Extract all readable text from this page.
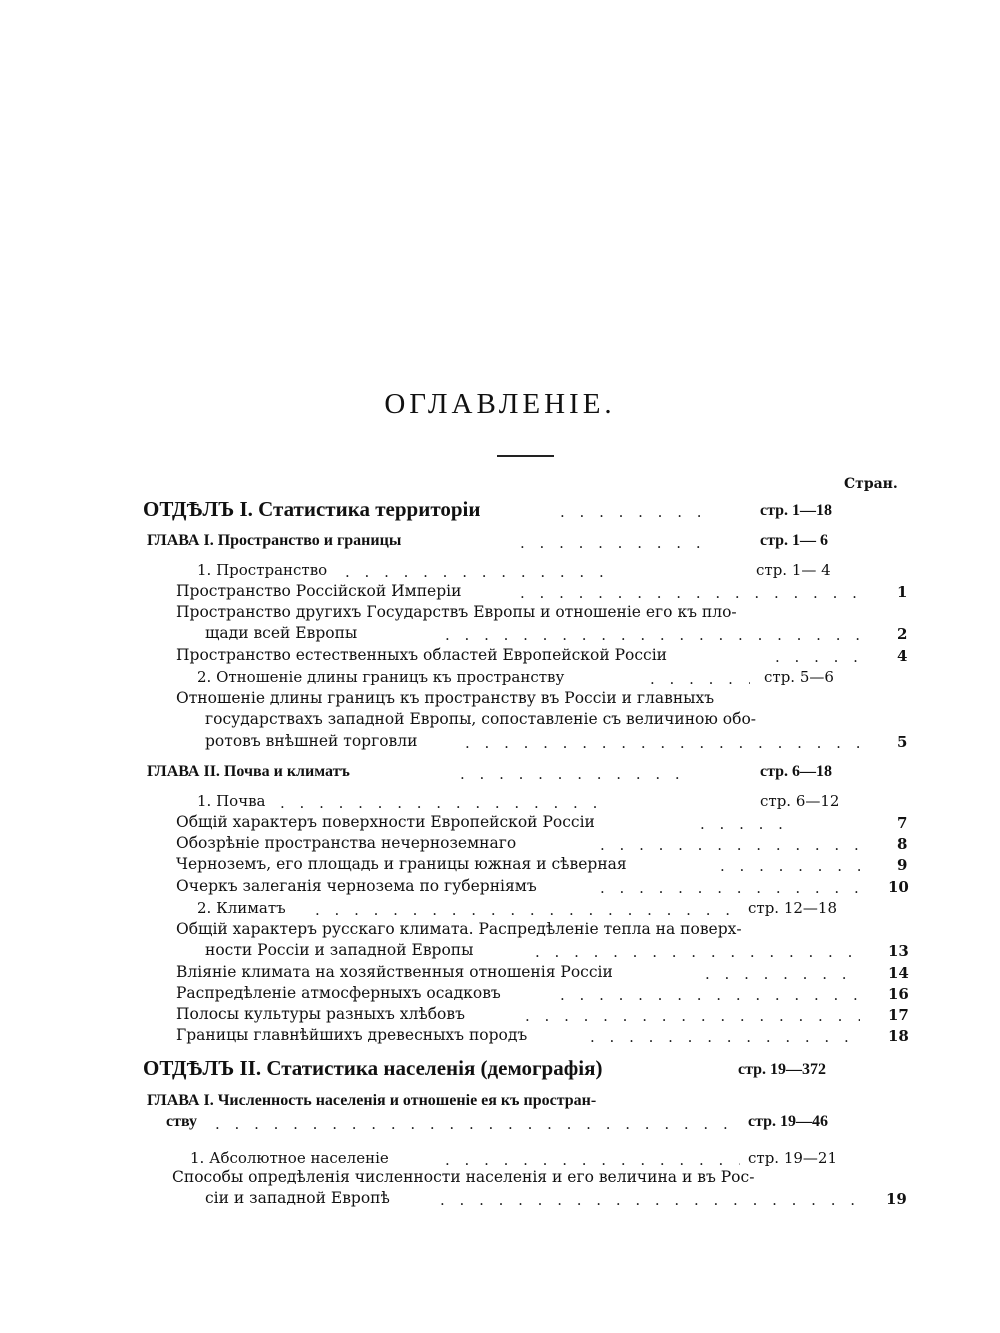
ОГЛАВЛЕНІЕ.
Стран.
ОТДѢЛЪ I. Статистика территоріи . . .	стр. 1—18
ГЛАВА I. Пространство и границы . . .	стр. 1— 6
1. Пространство . . .	стр. 1— 4
Пространство Россійской Имперіи . . .	1
Пространство другихъ Государствъ Европы и отношеніе его къ пло-
щади всей Европы . . .	2
Пространство естественныхъ областей Европейской Россіи . . .	4
2. Отношеніе длины границъ къ пространству . . .	стр. 5—6
Отношеніе длины границъ къ пространству въ Россіи и главныхъ
государствахъ западной Европы, сопоставленіе съ величиною обо-
ротовъ внѣшней торговли . . .	5
ГЛАВА II. Почва и климатъ . . .	стр. 6—18
1. Почва . . .	стр. 6—12
Общій характеръ поверхности Европейской Россіи . . .	7
Обозрѣніе пространства нечерноземнаго . . .	8
Черноземъ, его площадь и границы южная и сѣверная . . .	9
Очеркъ залеганія чернозема по губерніямъ . . .	10
2. Климатъ . . .	стр. 12—18
Общій характеръ русскаго климата. Распредѣленіе тепла на поверх-
ности Россіи и западной Европы . . .	13
Вліяніе климата на хозяйственныя отношенія Россіи . . .	14
Распредѣленіе атмосферныхъ осадковъ . . .	16
Полосы культуры разныхъ хлѣбовъ . . .	17
Границы главнѣйшихъ древесныхъ породъ . . .	18
ОТДѢЛЪ II. Статистика населенія (демографія)	стр. 19—372
ГЛАВА I. Численность населенія и отношеніе ея къ простран-
ству . . .	стр. 19—46
1. Абсолютное населеніе . . .	стр. 19—21
Способы опредѣленія численности населенія и его величина и въ Рос-
сіи и западной Европѣ . . .	19
